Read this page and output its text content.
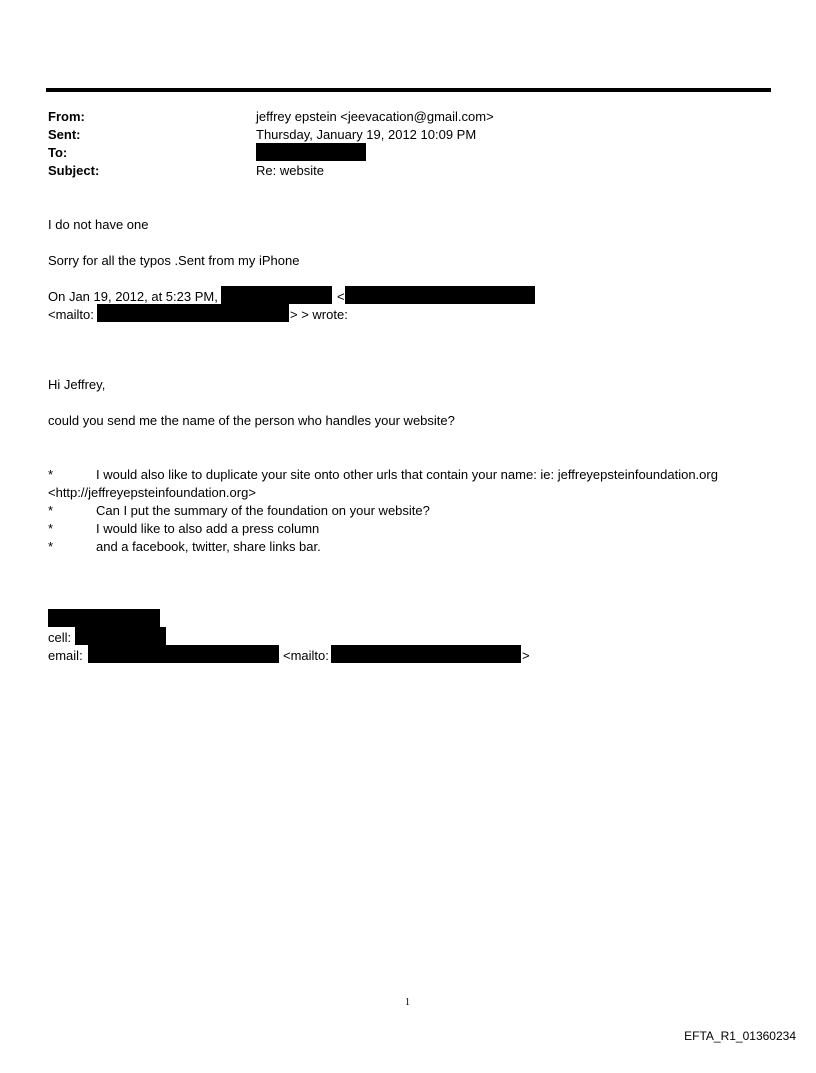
From:	jeffrey epstein <jeevacation@gmail.com>
Sent:	Thursday, January 19, 2012 10:09 PM
To:
Subject:	Re: website
I do not have one
Sorry for all the typos .Sent from my iPhone
On Jan 19, 2012, at 5:23 PM,	<
<mailto:	> > wrote:
Hi Jeffrey,
could you send me the name of the person who handles your website?
*	I would also like to duplicate your site onto other urls that contain your name: ie: jeffreyepsteinfoundation.org
<http://jeffreyepsteinfoundation.org>
*	Can I put the summary of the foundation on your website?
*	I would like to also add a press column
*	and a facebook, twitter, share links bar.
cell:
email:	<mailto:	>
1
EFTA_R1_01360234
